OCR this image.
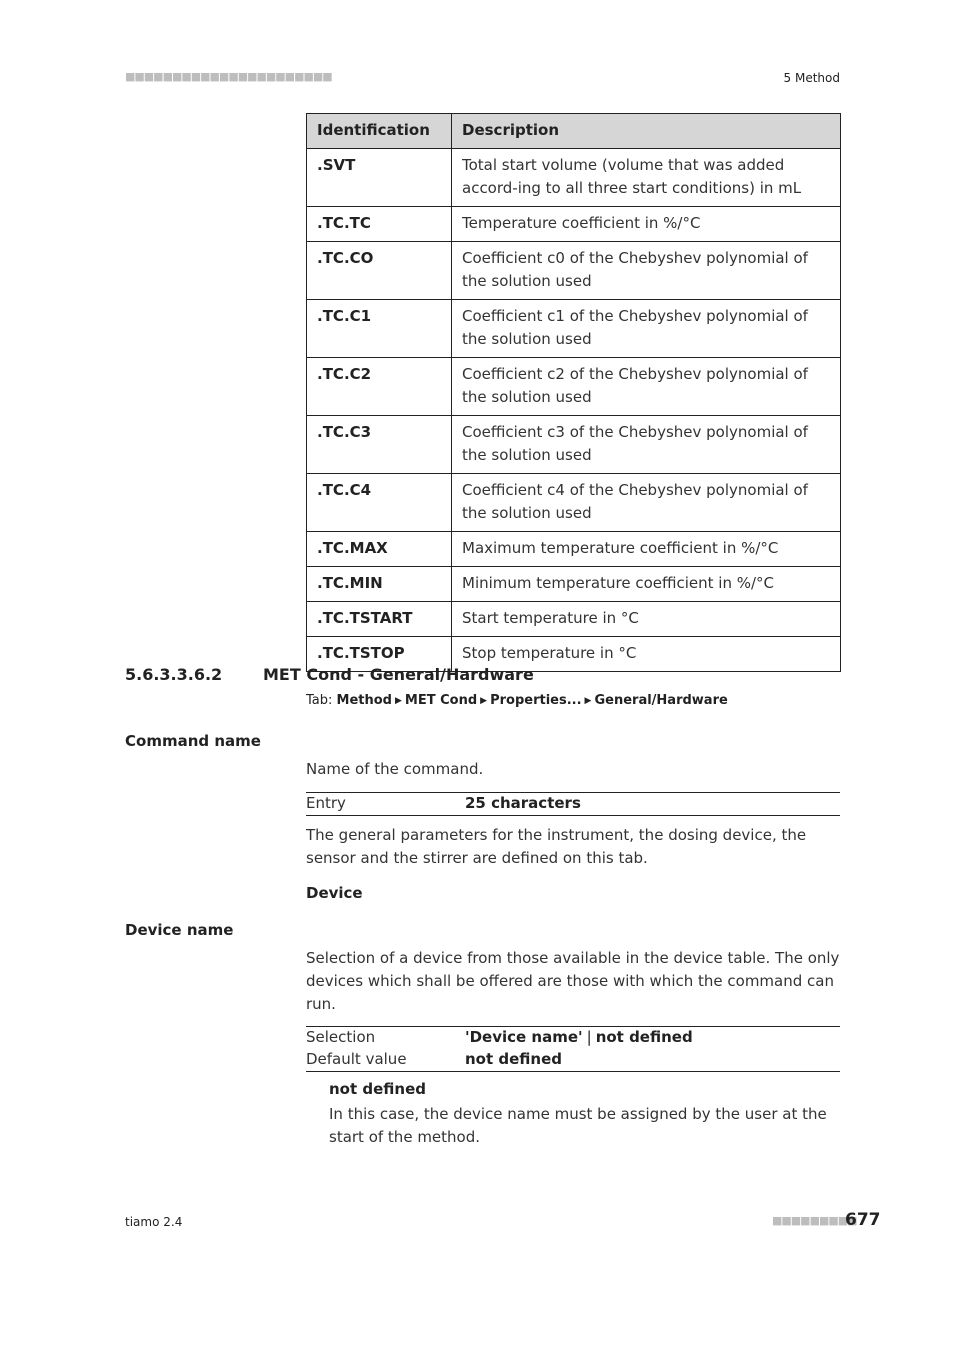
■■■■■■■■■■■■■■■■■■■■■■	5 Method
Identification	Description
.SVT	Total start volume (volume that was added accord-ing to all three start conditions) in mL
.TC.TC	Temperature coefficient in %/°C
.TC.CO	Coefficient c0 of the Chebyshev polynomial of the solution used
.TC.C1	Coefficient c1 of the Chebyshev polynomial of the solution used
.TC.C2	Coefficient c2 of the Chebyshev polynomial of the solution used
.TC.C3	Coefficient c3 of the Chebyshev polynomial of the solution used
.TC.C4	Coefficient c4 of the Chebyshev polynomial of the solution used
.TC.MAX	Maximum temperature coefficient in %/°C
.TC.MIN	Minimum temperature coefficient in %/°C
.TC.TSTART	Start temperature in °C
.TC.TSTOP	Stop temperature in °C
5.6.3.3.6.2	MET Cond - General/Hardware
Tab: Method ▶ MET Cond ▶ Properties... ▶ General/Hardware
Command name
Name of the command.
Entry	25 characters
The general parameters for the instrument, the dosing device, the sensor and the stirrer are defined on this tab.
Device
Device name
Selection of a device from those available in the device table. The only devices which shall be offered are those with which the command can run.
Selection	'Device name' | not defined
Default value	not defined
not defined
In this case, the device name must be assigned by the user at the start of the method.
tiamo 2.4	■■■■■■■■■
677
